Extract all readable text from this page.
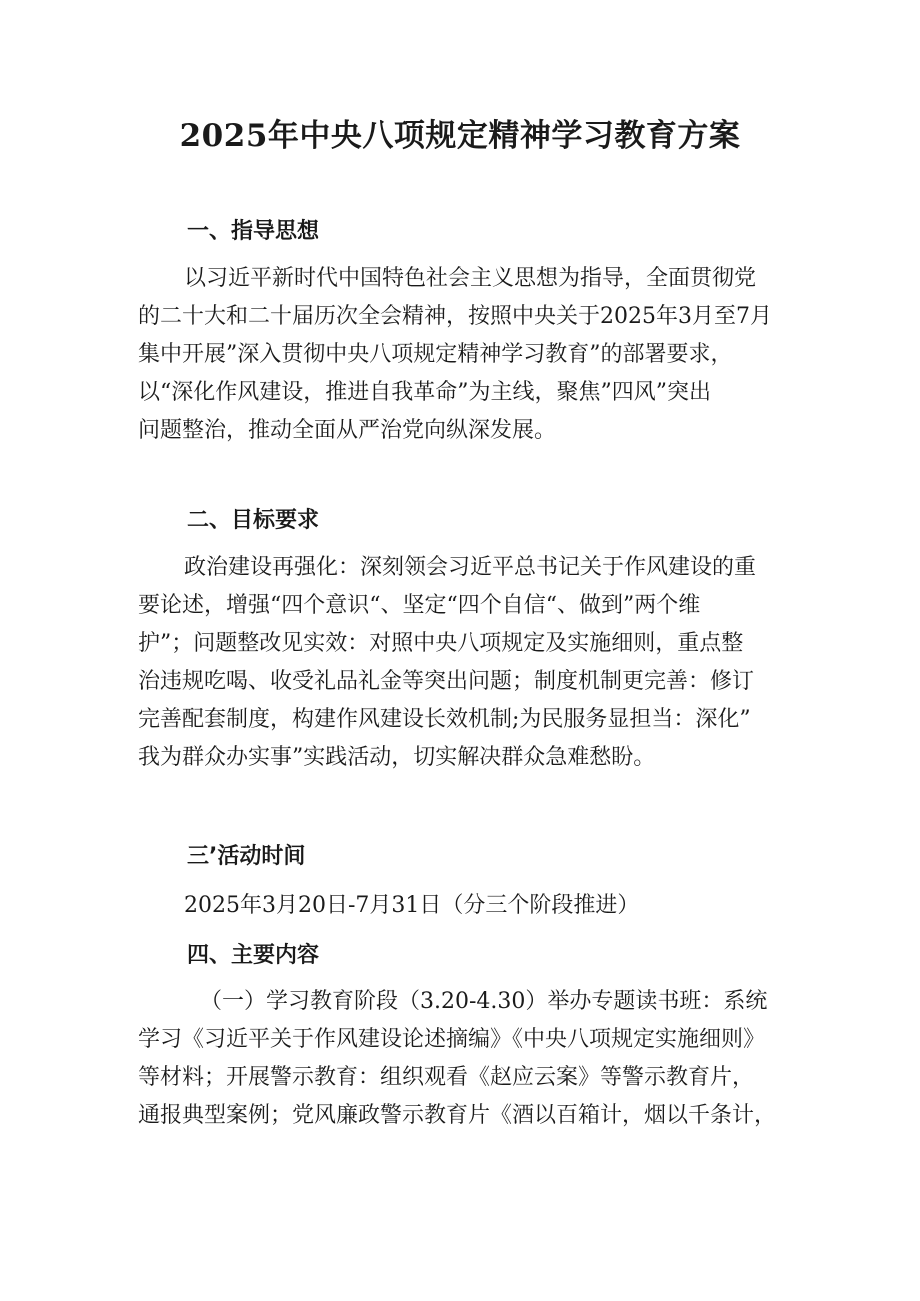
2025年中央八项规定精神学习教育方案
一、指导思想

以习近平新时代中国特色社会主义思想为指导，全面贯彻党
的二十大和二十届历次全会精神，按照中央关于2025年3月至7月
集中开展”深入贯彻中央八项规定精神学习教育”的部署要求，
以“深化作风建设，推进自我革命”为主线，聚焦”四风”突出
问题整治，推动全面从严治党向纵深发展。

二、目标要求

政治建设再强化：深刻领会习近平总书记关于作风建设的重
要论述，增强“四个意识“、坚定“四个自信“、做到”两个维
护”；问题整改见实效：对照中央八项规定及实施细则，重点整
治违规吃喝、收受礼品礼金等突出问题；制度机制更完善：修订
完善配套制度，构建作风建设长效机制;为民服务显担当：深化”
我为群众办实事”实践活动，切实解决群众急难愁盼。

三’活动时间

2025年3月20日-7月31日（分三个阶段推进）

四、主要内容

（一）学习教育阶段（3.20-4.30）举办专题读书班：系统
学习《习近平关于作风建设论述摘编》《中央八项规定实施细则》
等材料；开展警示教育：组织观看《赵应云案》等警示教育片，
通报典型案例；党风廉政警示教育片《酒以百箱计，烟以千条计，
